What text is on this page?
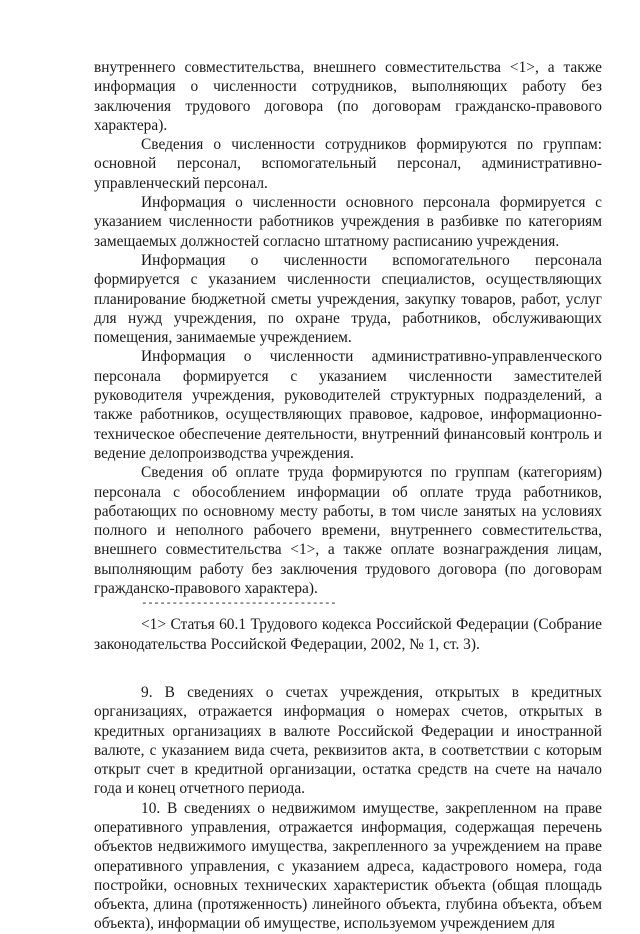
внутреннего совместительства, внешнего совместительства <1>, а также информация о численности сотрудников, выполняющих работу без заключения трудового договора (по договорам гражданско-правового характера).

Сведения о численности сотрудников формируются по группам: основной персонал, вспомогательный персонал, административно-управленческий персонал.

Информация о численности основного персонала формируется с указанием численности работников учреждения в разбивке по категориям замещаемых должностей согласно штатному расписанию учреждения.

Информация о численности вспомогательного персонала формируется с указанием численности специалистов, осуществляющих планирование бюджетной сметы учреждения, закупку товаров, работ, услуг для нужд учреждения, по охране труда, работников, обслуживающих помещения, занимаемые учреждением.

Информация о численности административно-управленческого персонала формируется с указанием численности заместителей руководителя учреждения, руководителей структурных подразделений, а также работников, осуществляющих правовое, кадровое, информационно-техническое обеспечение деятельности, внутренний финансовый контроль и ведение делопроизводства учреждения.

Сведения об оплате труда формируются по группам (категориям) персонала с обособлением информации об оплате труда работников, работающих по основному месту работы, в том числе занятых на условиях полного и неполного рабочего времени, внутреннего совместительства, внешнего совместительства <1>, а также оплате вознаграждения лицам, выполняющим работу без заключения трудового договора (по договорам гражданско-правового характера).

--------------------------------

<1> Статья 60.1 Трудового кодекса Российской Федерации (Собрание законодательства Российской Федерации, 2002, № 1, ст. 3).

9. В сведениях о счетах учреждения, открытых в кредитных организациях, отражается информация о номерах счетов, открытых в кредитных организациях в валюте Российской Федерации и иностранной валюте, с указанием вида счета, реквизитов акта, в соответствии с которым открыт счет в кредитной организации, остатка средств на счете на начало года и конец отчетного периода.

10. В сведениях о недвижимом имуществе, закрепленном на праве оперативного управления, отражается информация, содержащая перечень объектов недвижимого имущества, закрепленного за учреждением на праве оперативного управления, с указанием адреса, кадастрового номера, года постройки, основных технических характеристик объекта (общая площадь объекта, длина (протяженность) линейного объекта, глубина объекта, объем объекта), информации об имуществе, используемом учреждением для
